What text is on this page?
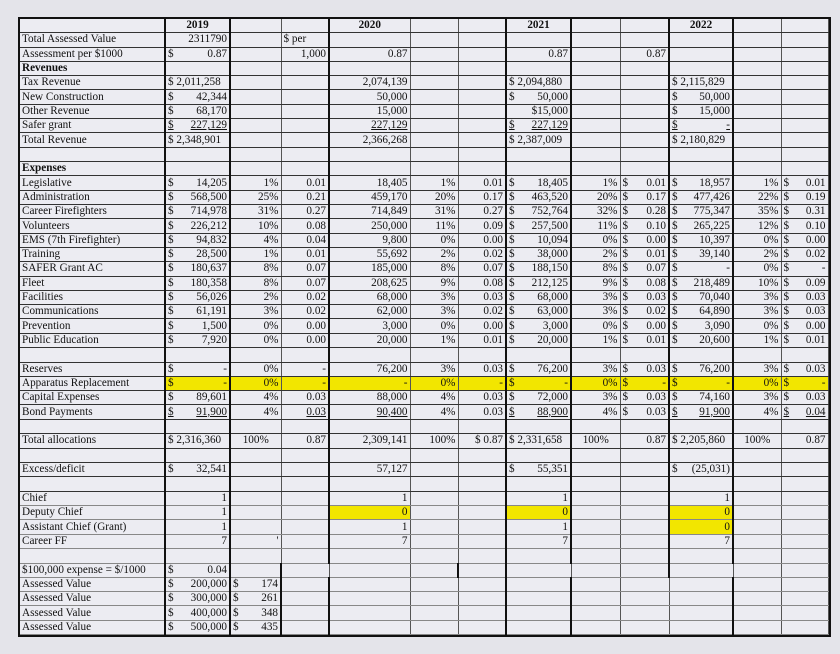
	2019			2020			2021			2022		
Total Assessed Value	2311790		$ per									
Assessment per $1000	$ 0.87		1,000	0.87			0.87		0.87			
Revenues												
Tax Revenue	$ 2,011,258			2,074,139			$ 2,094,880			$ 2,115,829		
New Construction	$ 42,344			50,000			$ 50,000			$ 50,000		

Other Revenue	$ 68,170			15,000			$15,000			$ 15,000		

Safer grant	$ 227,129			227,129			$ 227,129			$ -		

Total Revenue	$ 2,348,901			2,366,268			$ 2,387,009			$ 2,180,829		

Expenses												
Legislative	$ 14,205	1%	0.01	18,405	1%	0.01	$ 18,405	1%	$ 0.01	$ 18,957	1%	$ 0.01

Administration	$ 568,500	25%	0.21	459,170	20%	0.17	$ 463,520	20%	$ 0.17	$ 477,426	22%	$ 0.19

Career Firefighters	$ 714,978	31%	0.27	714,849	31%	0.27	$ 752,764	32%	$ 0.28	$ 775,347	35%	$ 0.31

Volunteers	$ 226,212	10%	0.08	250,000	11%	0.09	$ 257,500	11%	$ 0.10	$ 265,225	12%	$ 0.10

EMS (7th Firefighter)	$ 94,832	4%	0.04	9,800	0%	0.00	$ 10,094	0%	$ 0.00	$ 10,397	0%	$ 0.00

Training	$ 28,500	1%	0.01	55,692	2%	0.02	$ 38,000	2%	$ 0.01	$ 39,140	2%	$ 0.02

SAFER Grant AC	$ 180,637	8%	0.07	185,000	8%	0.07	$ 188,150	8%	$ 0.07	$ -	0%	$ -

Fleet	$ 180,358	8%	0.07	208,625	9%	0.08	$ 212,125	9%	$ 0.08	$ 218,489	10%	$ 0.09

Facilities	$ 56,026	2%	0.02	68,000	3%	0.03	$ 68,000	3%	$ 0.03	$ 70,040	3%	$ 0.03

Communications	$ 61,191	3%	0.02	62,000	3%	0.02	$ 63,000	3%	$ 0.02	$ 64,890	3%	$ 0.03

Prevention	$ 1,500	0%	0.00	3,000	0%	0.00	$ 3,000	0%	$ 0.00	$ 3,090	0%	$ 0.00

Public Education	$ 7,920	0%	0.00	20,000	1%	0.01	$ 20,000	1%	$ 0.01	$ 20,600	1%	$ 0.01

Reserves	$ -	0%	-	76,200	3%	0.03	$ 76,200	3%	$ 0.03	$ 76,200	3%	$ 0.03

Apparatus Replacement	$ -	0%	-	-	0%	-	$ -	0%	$ -	$ -	0%	$ -

Capital Expenses	$ 89,601	4%	0.03	88,000	4%	0.03	$ 72,000	3%	$ 0.03	$ 74,160	3%	$ 0.03

Bond Payments	$ 91,900	4%	0.03	90,400	4%	0.03	$ 88,900	4%	$ 0.03	$ 91,900	4%	$ 0.04

Total allocations	$ 2,316,360	100%	0.87	2,309,141	100%	$ 0.87	$ 2,331,658	100%	0.87	$ 2,205,860	100%	0.87

Excess/deficit	$ 32,541			57,127			$ 55,351			$ (25,031)		

Chief	1			1			1			1		
Deputy Chief	1			0			0			0		
Assistant Chief (Grant)	1			1			1			0		
Career FF	7	'		7			7			7		

$100,000 expense = $/1000	$ 0.04											

Assessed Value	$ 200,000	$ 174										

Assessed Value	$ 300,000	$ 261										

Assessed Value	$ 400,000	$ 348										

Assessed Value	$ 500,000	$ 435										
